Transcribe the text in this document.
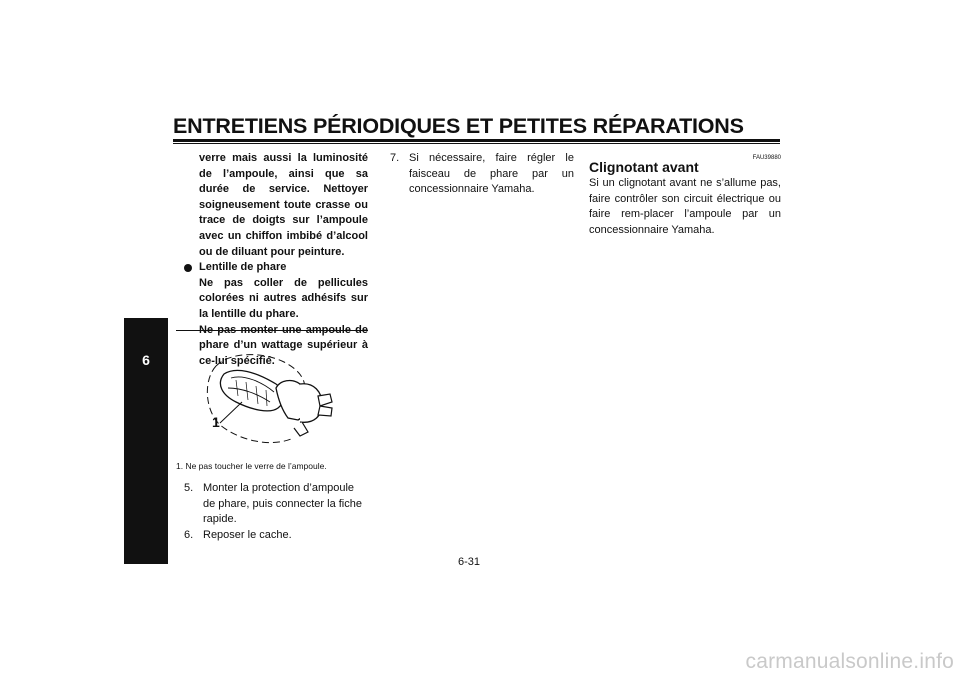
ENTRETIENS PÉRIODIQUES ET PETITES RÉPARATIONS
6

verre mais aussi la luminosité de l’ampoule, ainsi que sa durée de service. Nettoyer soigneusement toute crasse ou trace de doigts sur l’ampoule avec un chiffon imbibé d’alcool ou de diluant pour peinture.

Lentille de phare

Ne pas coller de pellicules colorées ni autres adhésifs sur la lentille du phare.

Ne pas monter une ampoule de phare d’un wattage supérieur à ce-lui spécifié.

1
1. Ne pas toucher le verre de l’ampoule.

5. Monter la protection d’ampoule de phare, puis connecter la fiche rapide.

6. Reposer le cache.

7. Si nécessaire, faire régler le faisceau de phare par un concessionnaire Yamaha.

FAU39880
Clignotant avant
Si un clignotant avant ne s’allume pas, faire contrôler son circuit électrique ou faire rem-placer l’ampoule par un concessionnaire Yamaha.
6-31
carmanualsonline.info
